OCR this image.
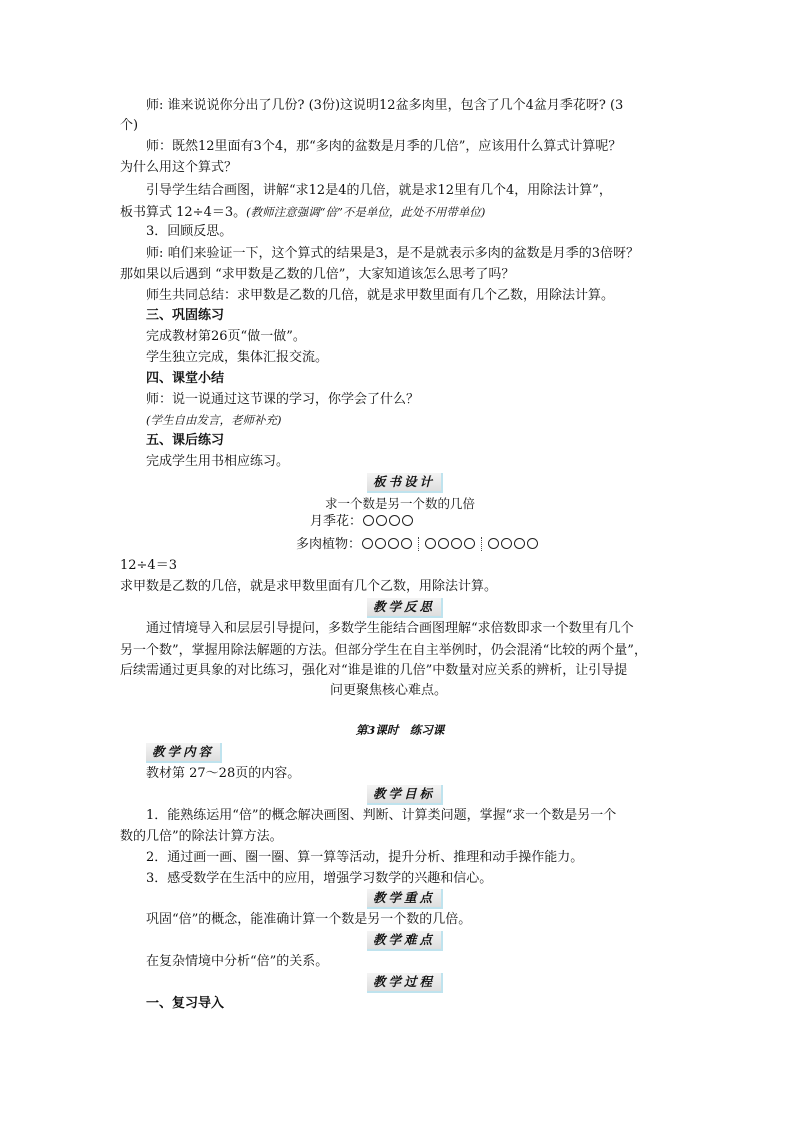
师: 谁来说说你分出了几份? (3份)这说明12盆多肉里，包含了几个4盆月季花呀? (3
个)
师：既然12里面有3个4，那“多肉的盆数是月季的几倍”，应该用什么算式计算呢？
为什么用这个算式？
引导学生结合画图，讲解“求12是4的几倍，就是求12里有几个4，用除法计算”，
板书算式 12÷4＝3。(教师注意强调“倍”不是单位，此处不用带单位)
3．回顾反思。
师: 咱们来验证一下，这个算式的结果是3，是不是就表示多肉的盆数是月季的3倍呀？
那如果以后遇到 “求甲数是乙数的几倍”，大家知道该怎么思考了吗？
师生共同总结：求甲数是乙数的几倍，就是求甲数里面有几个乙数，用除法计算。
三、巩固练习
完成教材第26页“做一做”。
学生独立完成，集体汇报交流。
四、课堂小结
师：说一说通过这节课的学习，你学会了什么？
(学生自由发言，老师补充)
五、课后练习
完成学生用书相应练习。
板书设计
求一个数是另一个数的几倍
月季花：
多肉植物：
12÷4＝3
求甲数是乙数的几倍，就是求甲数里面有几个乙数，用除法计算。
教学反思
通过情境导入和层层引导提问，多数学生能结合画图理解“求倍数即求一个数里有几个
另一个数”，掌握用除法解题的方法。但部分学生在自主举例时，仍会混淆“比较的两个量”，
后续需通过更具象的对比练习，强化对“谁是谁的几倍”中数量对应关系的辨析，让引导提
问更聚焦核心难点。
第3课时　练习课
教学内容
教材第 27～28页的内容。
教学目标
1．能熟练运用“倍”的概念解决画图、判断、计算类问题，掌握“求一个数是另一个
数的几倍”的除法计算方法。
2．通过画一画、圈一圈、算一算等活动，提升分析、推理和动手操作能力。
3．感受数学在生活中的应用，增强学习数学的兴趣和信心。
教学重点
巩固“倍”的概念，能准确计算一个数是另一个数的几倍。
教学难点
在复杂情境中分析“倍”的关系。
教学过程
一、复习导入
